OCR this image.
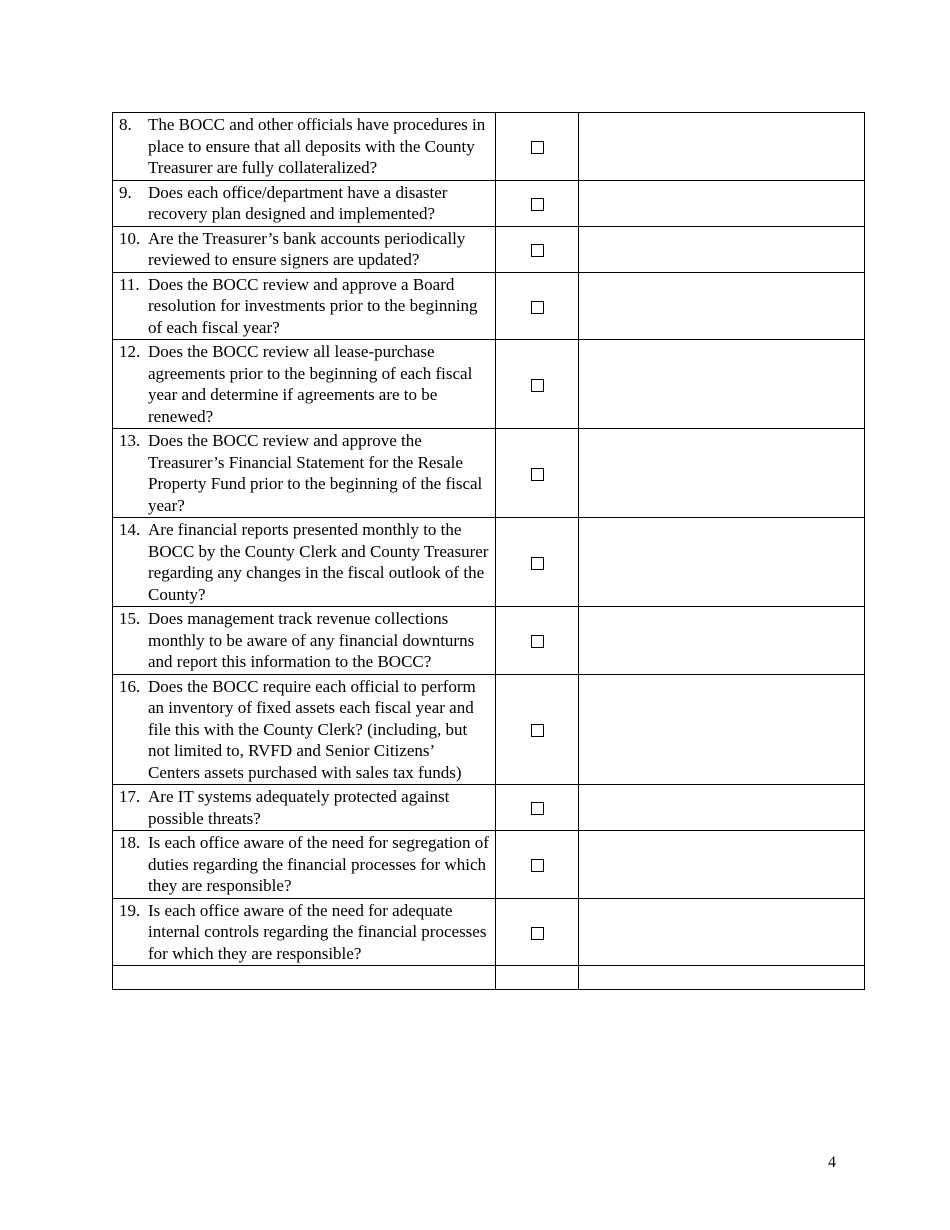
8. The BOCC and other officials have procedures in place to ensure that all deposits with the County Treasurer are fully collateralized?		

9. Does each office/department have a disaster recovery plan designed and implemented?		

10. Are the Treasurer’s bank accounts periodically reviewed to ensure signers are updated?		

11. Does the BOCC review and approve a Board resolution for investments prior to the beginning of each fiscal year?		

12. Does the BOCC review all lease-purchase agreements prior to the beginning of each fiscal year and determine if agreements are to be renewed?		

13. Does the BOCC review and approve the Treasurer’s Financial Statement for the Resale Property Fund prior to the beginning of the fiscal year?		

14. Are financial reports presented monthly to the BOCC by the County Clerk and County Treasurer regarding any changes in the fiscal outlook of the County?		

15. Does management track revenue collections monthly to be aware of any financial downturns and report this information to the BOCC?		

16. Does the BOCC require each official to perform an inventory of fixed assets each fiscal year and file this with the County Clerk? (including, but not limited to, RVFD and Senior Citizens’ Centers assets purchased with sales tax funds)		

17. Are IT systems adequately protected against possible threats?		

18. Is each office aware of the need for segregation of duties regarding the financial processes for which they are responsible?		

19. Is each office aware of the need for adequate internal controls regarding the financial processes for which they are responsible?		

4
